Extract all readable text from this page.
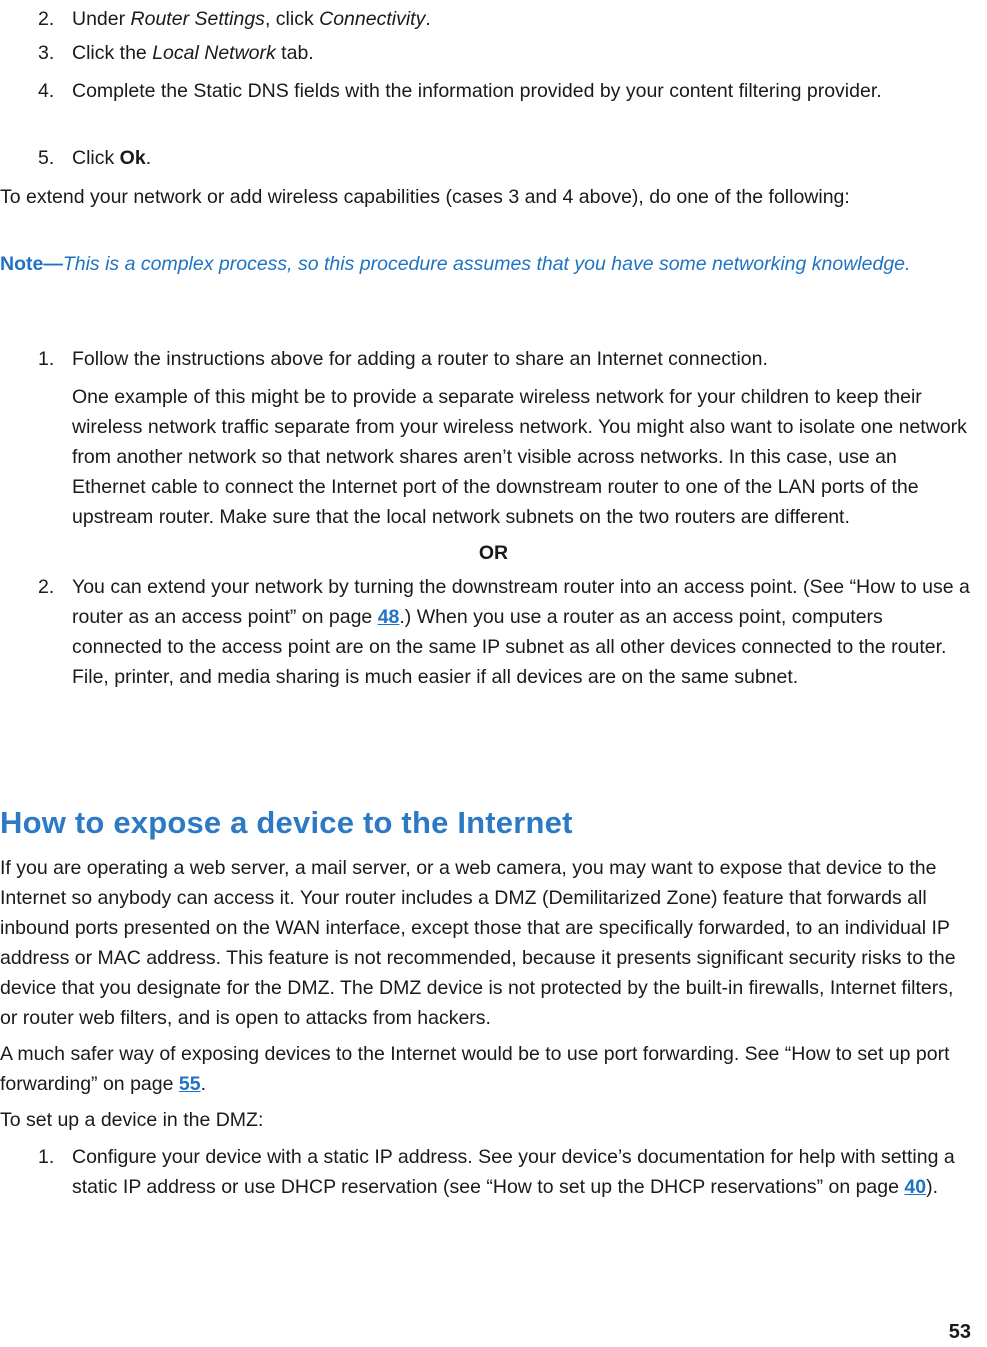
2. Under Router Settings, click Connectivity.
3. Click the Local Network tab.
4. Complete the Static DNS fields with the information provided by your content filtering provider.
5. Click Ok.

To extend your network or add wireless capabilities (cases 3 and 4 above), do one of the following:

Note—This is a complex process, so this procedure assumes that you have some networking knowledge.

1. Follow the instructions above for adding a router to share an Internet connection.

One example of this might be to provide a separate wireless network for your children to keep their wireless network traffic separate from your wireless network. You might also want to isolate one network from another network so that network shares aren’t visible across networks. In this case, use an Ethernet cable to connect the Internet port of the downstream router to one of the LAN ports of the upstream router. Make sure that the local network subnets on the two routers are different.

OR

2. You can extend your network by turning the downstream router into an access point. (See “How to use a router as an access point” on page 48.) When you use a router as an access point, computers connected to the access point are on the same IP subnet as all other devices connected to the router. File, printer, and media sharing is much easier if all devices are on the same subnet.
How to expose a device to the Internet

If you are operating a web server, a mail server, or a web camera, you may want to expose that device to the Internet so anybody can access it. Your router includes a DMZ (Demilitarized Zone) feature that forwards all inbound ports presented on the WAN interface, except those that are specifically forwarded, to an individual IP address or MAC address. This feature is not recommended, because it presents significant security risks to the device that you designate for the DMZ. The DMZ device is not protected by the built-in firewalls, Internet filters, or router web filters, and is open to attacks from hackers.

A much safer way of exposing devices to the Internet would be to use port forwarding. See “How to set up port forwarding” on page 55.

To set up a device in the DMZ:

1. Configure your device with a static IP address. See your device’s documentation for help with setting a static IP address or use DHCP reservation (see “How to set up the DHCP reservations” on page 40).
53
